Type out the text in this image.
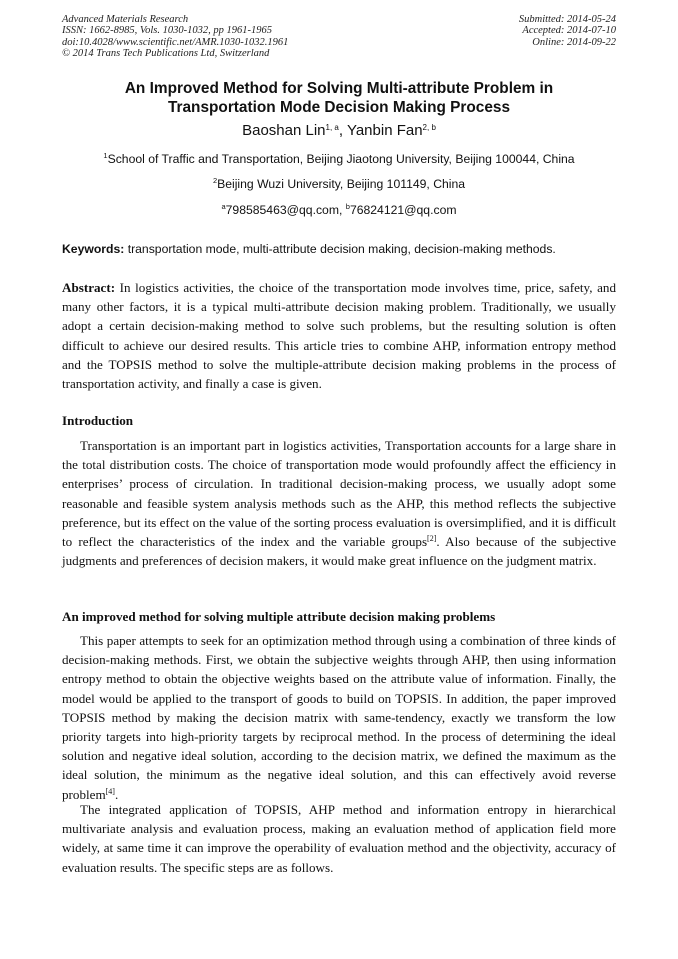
Advanced Materials Research
ISSN: 1662-8985, Vols. 1030-1032, pp 1961-1965
doi:10.4028/www.scientific.net/AMR.1030-1032.1961
© 2014 Trans Tech Publications Ltd, Switzerland
Submitted: 2014-05-24
Accepted: 2014-07-10
Online: 2014-09-22
An Improved Method for Solving Multi-attribute Problem in
Transportation Mode Decision Making Process
Baoshan Lin$^{1, a}$, Yanbin Fan$^{2, b}$
$^1$School of Traffic and Transportation, Beijing Jiaotong University, Beijing 100044, China
$^2$Beijing Wuzi University, Beijing 101149, China
$^a$798585463@qq.com, $^b$76824121@qq.com
Keywords: transportation mode, multi-attribute decision making, decision-making methods.

Abstract: In logistics activities, the choice of the transportation mode involves time, price, safety, and many other factors, it is a typical multi-attribute decision making problem. Traditionally, we usually adopt a certain decision-making method to solve such problems, but the resulting solution is often difficult to achieve our desired results. This article tries to combine AHP, information entropy method and the TOPSIS method to solve the multiple-attribute decision making problems in the process of transportation activity, and finally a case is given.

Introduction

Transportation is an important part in logistics activities, Transportation accounts for a large share in the total distribution costs. The choice of transportation mode would profoundly affect the efficiency in enterprises’ process of circulation. In traditional decision-making process, we usually adopt some reasonable and feasible system analysis methods such as the AHP, this method reflects the subjective preference, but its effect on the value of the sorting process evaluation is oversimplified, and it is difficult to reflect the characteristics of the index and the variable groups[2]. Also because of the subjective judgments and preferences of decision makers, it would make great influence on the judgment matrix.

An improved method for solving multiple attribute decision making problems

This paper attempts to seek for an optimization method through using a combination of three kinds of decision-making methods. First, we obtain the subjective weights through AHP, then using information entropy method to obtain the objective weights based on the attribute value of information. Finally, the model would be applied to the transport of goods to build on TOPSIS. In addition, the paper improved TOPSIS method by making the decision matrix with same-tendency, exactly we transform the low priority targets into high-priority targets by reciprocal method. In the process of determining the ideal solution and negative ideal solution, according to the decision matrix, we defined the maximum as the ideal solution, the minimum as the negative ideal solution, and this can effectively avoid reverse problem[4].

The integrated application of TOPSIS, AHP method and information entropy in hierarchical multivariate analysis and evaluation process, making an evaluation method of application field more widely, at same time it can improve the operability of evaluation method and the objectivity, accuracy of evaluation results. The specific steps are as follows.
